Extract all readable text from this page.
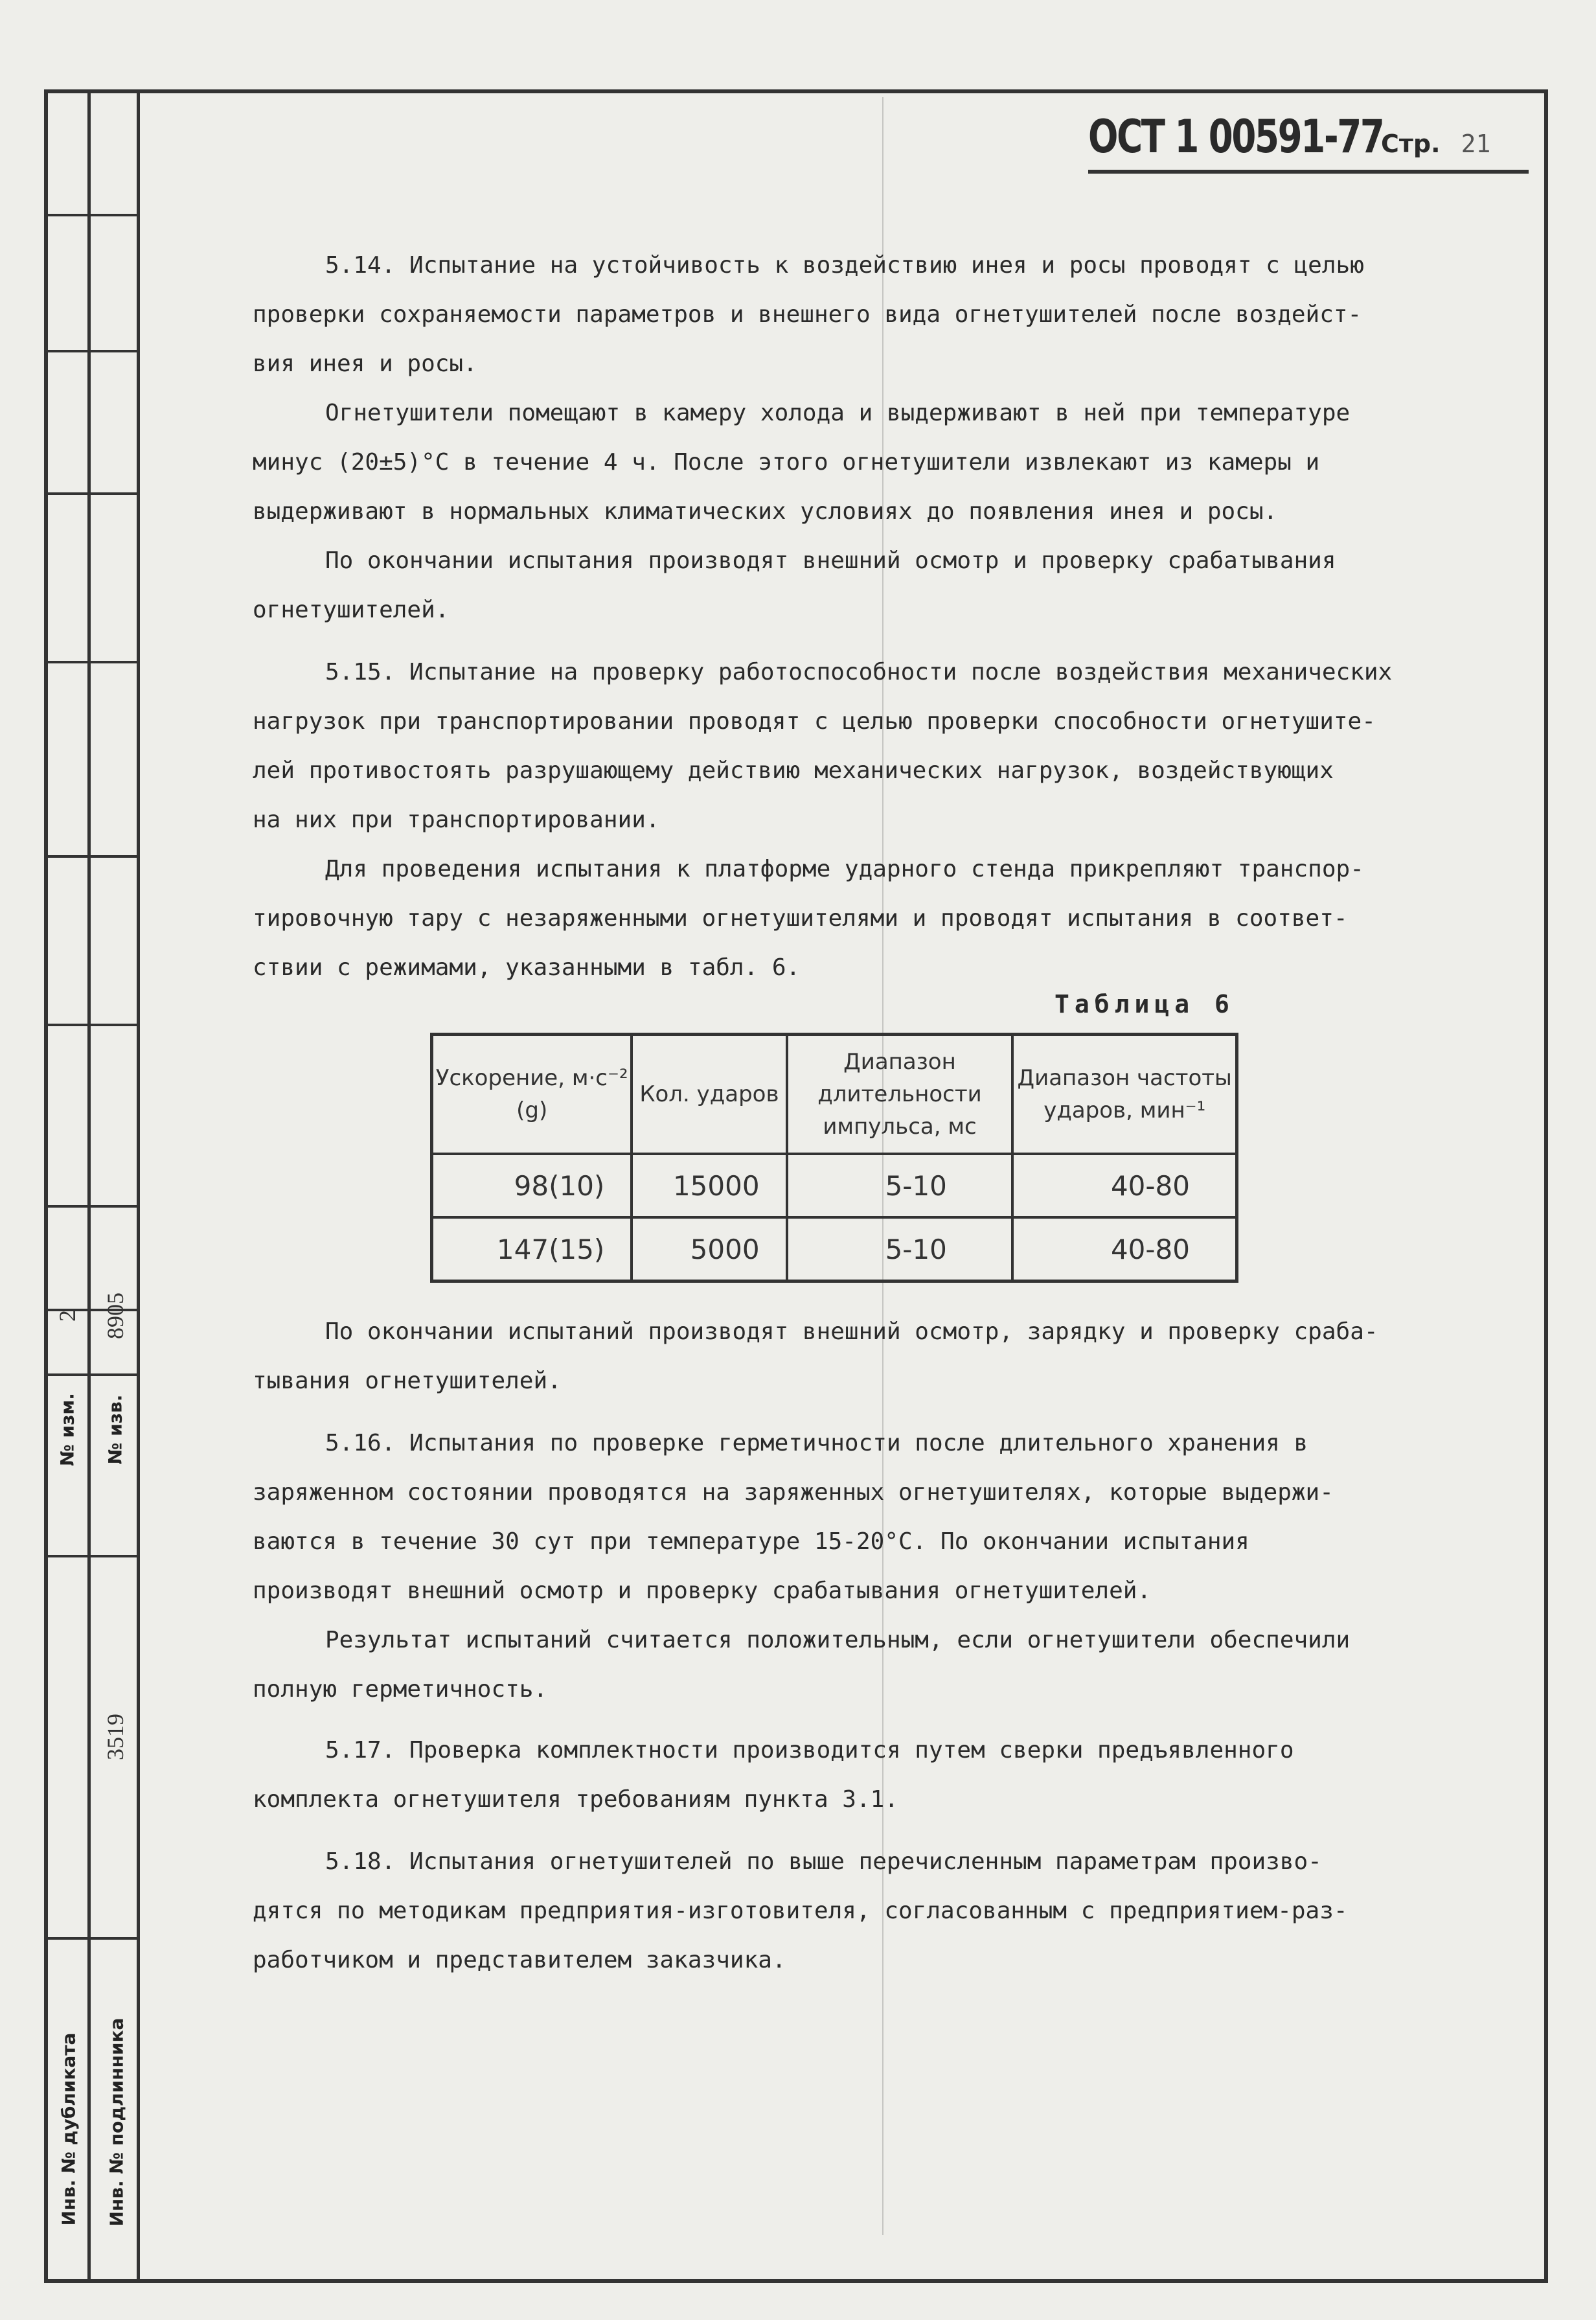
Инв. № дубликата Инв. № подлинника
№ изм. № изв.
2 8905
3519
ОСТ 1 00591-77
Стр. 21
5.14. Испытание на устойчивость к воздействию инея и росы проводят с целью
проверки сохраняемости параметров и внешнего вида огнетушителей после воздейст-
вия инея и росы.
Огнетушители помещают в камеру холода и выдерживают в ней при температуре
минус (20±5)°С в течение 4 ч. После этого огнетушители извлекают из камеры и
выдерживают в нормальных климатических условиях до появления инея и росы.
По окончании испытания производят внешний осмотр и проверку срабатывания
огнетушителей.
5.15. Испытание на проверку работоспособности после воздействия механических
нагрузок при транспортировании проводят с целью проверки способности огнетушите-
лей противостоять разрушающему действию механических нагрузок, воздействующих
на них при транспортировании.
Для проведения испытания к платформе ударного стенда прикрепляют транспор-
тировочную тару с незаряженными огнетушителями и проводят испытания в соответ-
ствии с режимами, указанными в табл. 6.
По окончании испытаний производят внешний осмотр, зарядку и проверку сраба-
тывания огнетушителей.
5.16. Испытания по проверке герметичности после длительного хранения в
заряженном состоянии проводятся на заряженных огнетушителях, которые выдержи-
ваются в течение 30 сут при температуре 15-20°С. По окончании испытания
производят внешний осмотр и проверку срабатывания огнетушителей.
Результат испытаний считается положительным, если огнетушители обеспечили
полную герметичность.
5.17. Проверка комплектности производится путем сверки предъявленного
комплекта огнетушителя требованиям пункта 3.1.
5.18. Испытания огнетушителей по выше перечисленным параметрам произво-
дятся по методикам предприятия-изготовителя, согласованным с предприятием-раз-
работчиком и представителем заказчика.
Таблица 6
Ускорение, м·с⁻² (g)	Кол. ударов	Диапазон длительности импульса, мс	Диапазон частоты ударов, мин⁻¹
98(10)	15000	5-10	40-80
147(15)	5000	5-10	40-80
